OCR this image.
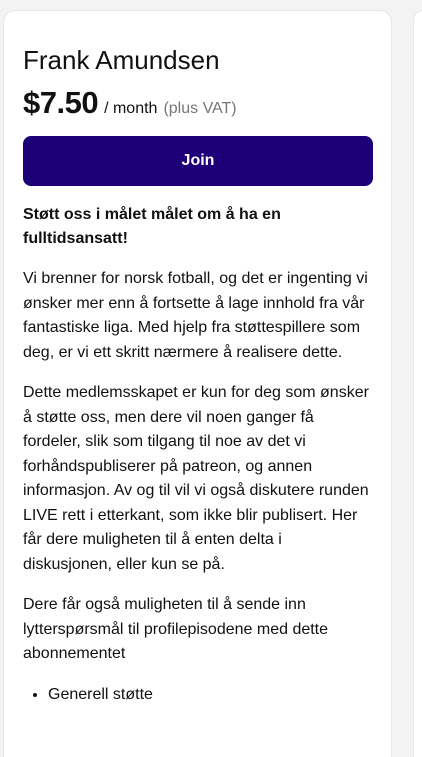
Frank Amundsen
$7.50 / month (plus VAT)
Join

Støtt oss i målet målet om å ha en fulltidsansatt!

Vi brenner for norsk fotball, og det er ingenting vi ønsker mer enn å fortsette å lage innhold fra vår fantastiske liga. Med hjelp fra støttespillere som deg, er vi ett skritt nærmere å realisere dette.

Dette medlemsskapet er kun for deg som ønsker å støtte oss, men dere vil noen ganger få fordeler, slik som tilgang til noe av det vi forhåndspubliserer på patreon, og annen informasjon. Av og til vil vi også diskutere runden LIVE rett i etterkant, som ikke blir publisert. Her får dere muligheten til å enten delta i diskusjonen, eller kun se på.

Dere får også muligheten til å sende inn lytterspørsmål til profilepisodene med dette abonnementet

• Generell støtte
